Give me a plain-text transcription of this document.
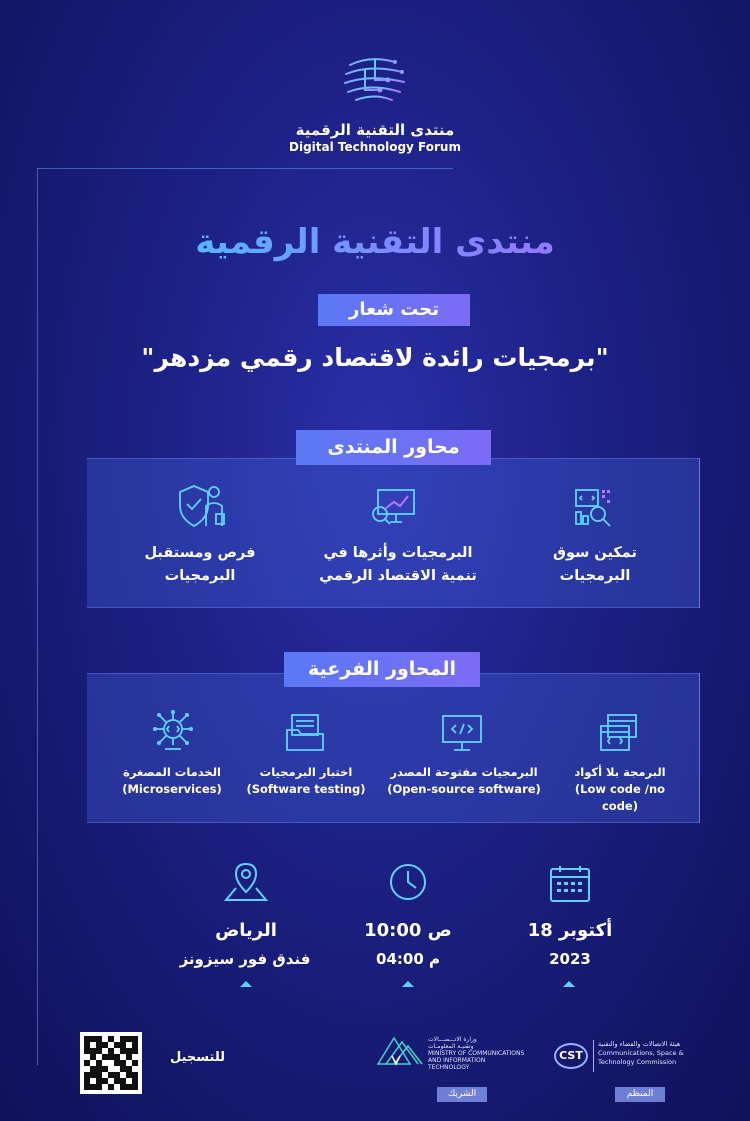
منتدى التقنية الرقمية
Digital Technology Forum
منتدى التقنية الرقمية
تحت شعار
"برمجيات رائدة لاقتصاد رقمي مزدهر"
محاور المنتدى
تمكين سوق
البرمجيات
البرمجيات وأثرها في
تنمية الاقتصاد الرقمي
فرص ومستقبل
البرمجيات
المحاور الفرعية
البرمجة بلا أكواد
(Low code /no code)
البرمجيات مفتوحة المصدر
(Open-source software)
اختبار البرمجيات
(Software testing)
الخدمات المصغرة
(Microservices)
18 أكتوبر
2023
10:00 ص
04:00 م
الرياض
فندق فور سيزونز
للتسجيل
وزارة الاتـــصـــالات
وتقنيـة المعلومـات
MINISTRY OF COMMUNICATIONS
AND INFORMATION TECHNOLOGY
الشريك
CST
هيئة الاتصالات والفضاء والتقنية
Communications, Space &
Technology Commission
المنظم
